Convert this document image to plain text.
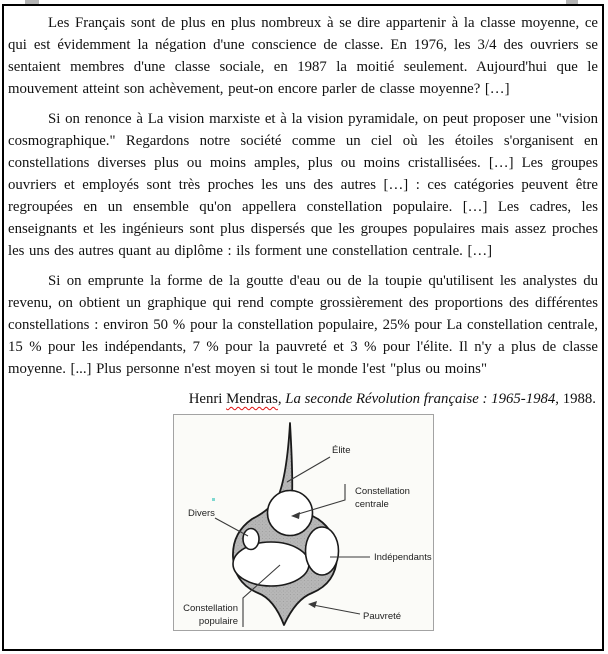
Les Français sont de plus en plus nombreux à se dire appartenir à la classe moyenne, ce qui est évidemment la négation d'une conscience de classe. En 1976, les 3/4 des ouvriers se sentaient membres d'une classe sociale, en 1987 la moitié seulement. Aujourd'hui que le mouvement atteint son achèvement, peut-on encore parler de classe moyenne? […]

Si on renonce à La vision marxiste et à la vision pyramidale, on peut proposer une "vision cosmographique." Regardons notre société comme un ciel où les étoiles s'organisent en constellations diverses plus ou moins amples, plus ou moins cristallisées. […] Les groupes ouvriers et employés sont très proches les uns des autres […] : ces catégories peuvent être regroupées en un ensemble qu'on appellera constellation populaire. […] Les cadres, les enseignants et les ingénieurs sont plus dispersés que les groupes populaires mais assez proches les uns des autres quant au diplôme : ils forment une constellation centrale. […]

Si on emprunte la forme de la goutte d'eau ou de la toupie qu'utilisent les analystes du revenu, on obtient un graphique qui rend compte grossièrement des proportions des différentes constellations : environ 50 % pour la constellation populaire, 25% pour La constellation centrale, 15 % pour les indépendants, 7 % pour la pauvreté et 3 % pour l'élite. Il n'y a plus de classe moyenne. [...] Plus personne n'est moyen si tout le monde l'est "plus ou moins"

Henri Mendras, La seconde Révolution française : 1965-1984, 1988.

Élite
Constellation
centrale
Divers
Indépendants
Constellation
populaire	Pauvreté
